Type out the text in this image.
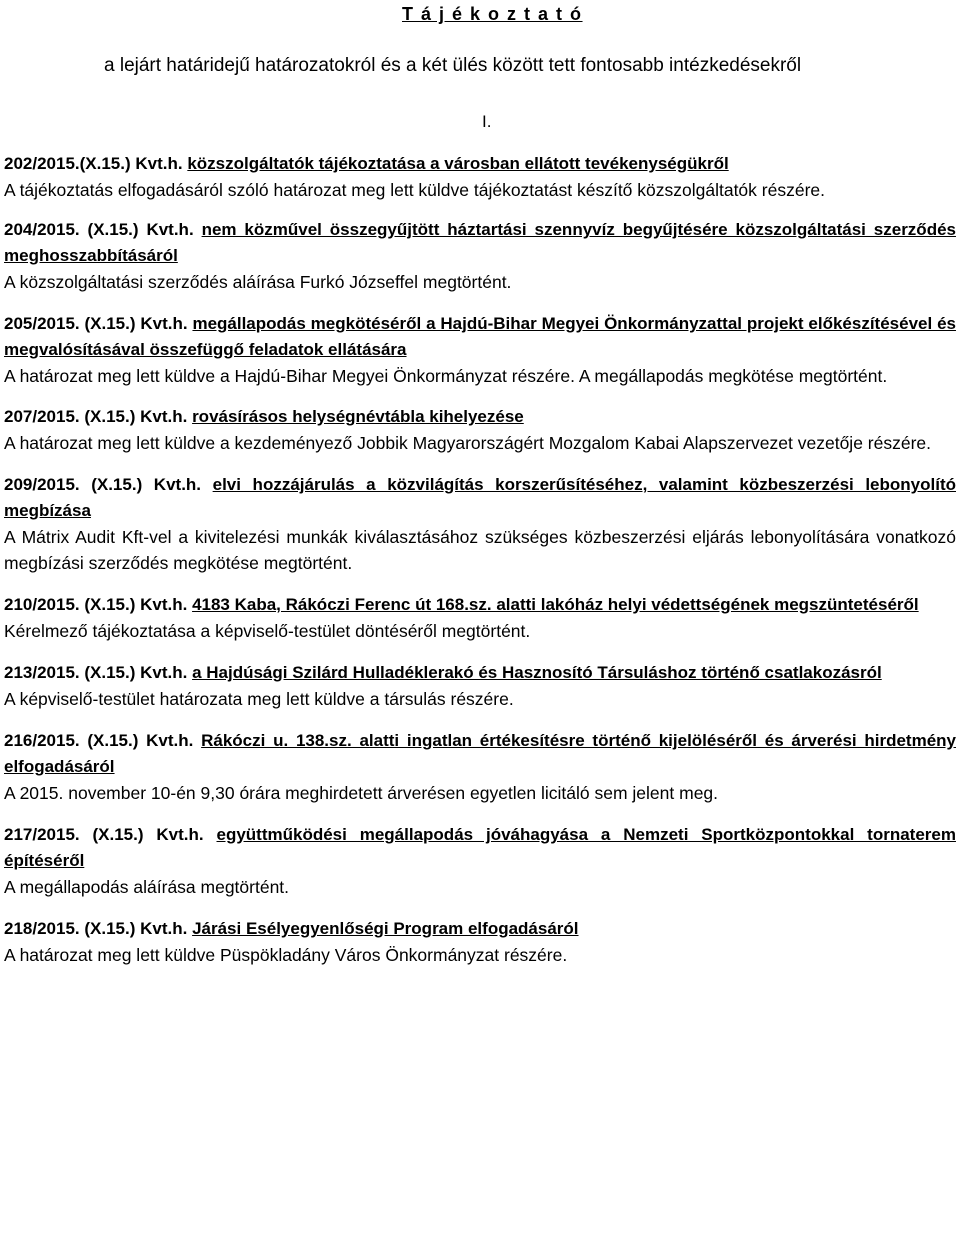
T á j é k o z t a t ó
a lejárt határidejű határozatokról és a két ülés között tett fontosabb intézkedésekről
I.
202/2015.(X.15.) Kvt.h. közszolgáltatók tájékoztatása a városban ellátott tevékenységükről
A tájékoztatás elfogadásáról szóló határozat meg lett küldve tájékoztatást készítő közszolgáltatók részére.
204/2015. (X.15.) Kvt.h. nem közművel összegyűjtött háztartási szennyvíz begyűjtésére közszolgáltatási szerződés meghosszabbításáról
A közszolgáltatási szerződés aláírása Furkó Józseffel megtörtént.
205/2015. (X.15.) Kvt.h. megállapodás megkötéséről a Hajdú-Bihar Megyei Önkormányzattal projekt előkészítésével és megvalósításával összefüggő feladatok ellátására
A határozat meg lett küldve a Hajdú-Bihar Megyei Önkormányzat részére. A megállapodás megkötése megtörtént.
207/2015. (X.15.) Kvt.h. rovásírásos helységnévtábla kihelyezése
A határozat meg lett küldve a kezdeményező Jobbik Magyarországért Mozgalom Kabai Alapszervezet vezetője részére.
209/2015. (X.15.) Kvt.h. elvi hozzájárulás a közvilágítás korszerűsítéséhez, valamint közbeszerzési lebonyolító megbízása
A Mátrix Audit Kft-vel a kivitelezési munkák kiválasztásához szükséges közbeszerzési eljárás lebonyolítására vonatkozó megbízási szerződés megkötése megtörtént.
210/2015. (X.15.) Kvt.h. 4183 Kaba, Rákóczi Ferenc út 168.sz. alatti lakóház helyi védettségének megszüntetéséről
Kérelmező tájékoztatása a képviselő-testület döntéséről megtörtént.
213/2015. (X.15.) Kvt.h. a Hajdúsági Szilárd Hulladéklerakó és Hasznosító Társuláshoz történő csatlakozásról
A képviselő-testület határozata meg lett küldve a társulás részére.
216/2015. (X.15.) Kvt.h. Rákóczi u. 138.sz. alatti ingatlan értékesítésre történő kijelöléséről és árverési hirdetmény elfogadásáról
A 2015. november 10-én 9,30 órára meghirdetett árverésen egyetlen licitáló sem jelent meg.
217/2015. (X.15.) Kvt.h. együttműködési megállapodás jóváhagyása a Nemzeti Sportközpontokkal tornaterem építéséről
A megállapodás aláírása megtörtént.
218/2015. (X.15.) Kvt.h. Járási Esélyegyenlőségi Program elfogadásáról
A határozat meg lett küldve Püspökladány Város Önkormányzat részére.
